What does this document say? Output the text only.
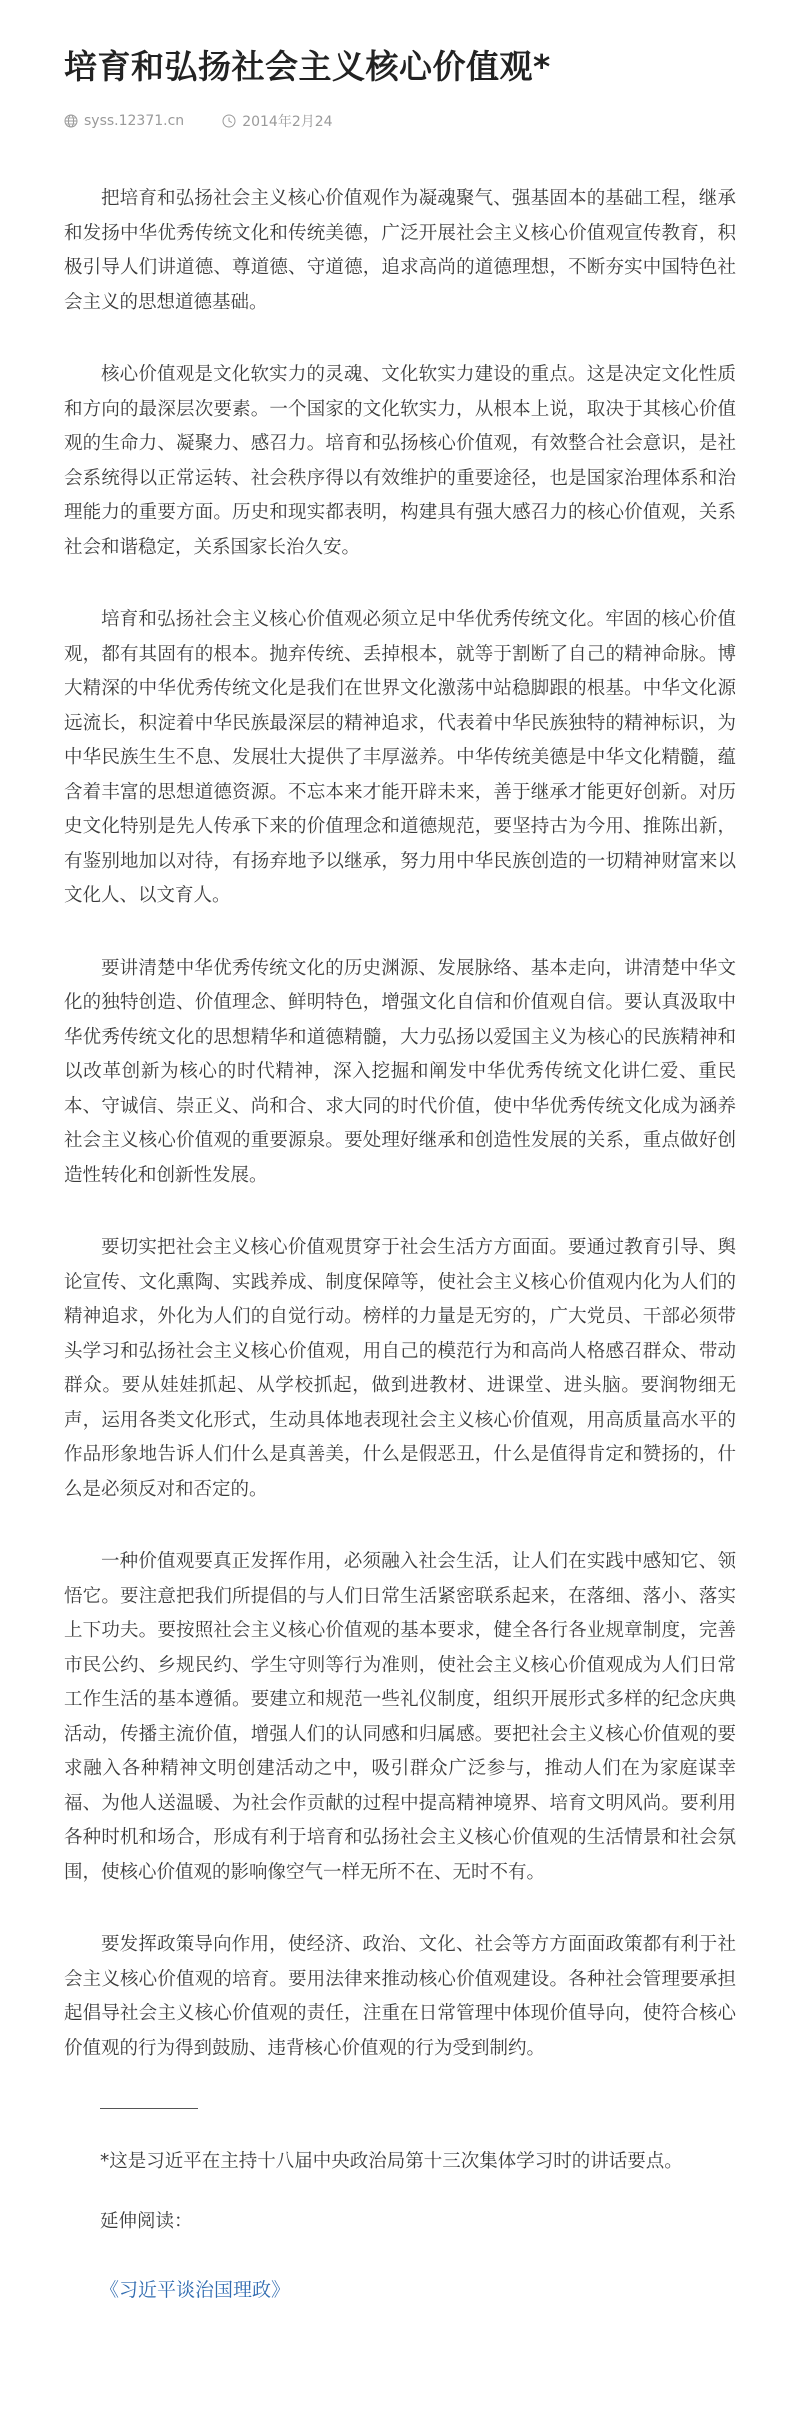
培育和弘扬社会主义核心价值观*
syss.12371.cn	2014年2月24

把培育和弘扬社会主义核心价值观作为凝魂聚气、强基固本的基础工程，继承和发扬中华优秀传统文化和传统美德，广泛开展社会主义核心价值观宣传教育，积极引导人们讲道德、尊道德、守道德，追求高尚的道德理想，不断夯实中国特色社会主义的思想道德基础。

核心价值观是文化软实力的灵魂、文化软实力建设的重点。这是决定文化性质和方向的最深层次要素。一个国家的文化软实力，从根本上说，取决于其核心价值观的生命力、凝聚力、感召力。培育和弘扬核心价值观，有效整合社会意识，是社会系统得以正常运转、社会秩序得以有效维护的重要途径，也是国家治理体系和治理能力的重要方面。历史和现实都表明，构建具有强大感召力的核心价值观，关系社会和谐稳定，关系国家长治久安。

培育和弘扬社会主义核心价值观必须立足中华优秀传统文化。牢固的核心价值观，都有其固有的根本。抛弃传统、丢掉根本，就等于割断了自己的精神命脉。博大精深的中华优秀传统文化是我们在世界文化激荡中站稳脚跟的根基。中华文化源远流长，积淀着中华民族最深层的精神追求，代表着中华民族独特的精神标识，为中华民族生生不息、发展壮大提供了丰厚滋养。中华传统美德是中华文化精髓，蕴含着丰富的思想道德资源。不忘本来才能开辟未来，善于继承才能更好创新。对历史文化特别是先人传承下来的价值理念和道德规范，要坚持古为今用、推陈出新，有鉴别地加以对待，有扬弃地予以继承，努力用中华民族创造的一切精神财富来以文化人、以文育人。

要讲清楚中华优秀传统文化的历史渊源、发展脉络、基本走向，讲清楚中华文化的独特创造、价值理念、鲜明特色，增强文化自信和价值观自信。要认真汲取中华优秀传统文化的思想精华和道德精髓，大力弘扬以爱国主义为核心的民族精神和以改革创新为核心的时代精神，深入挖掘和阐发中华优秀传统文化讲仁爱、重民本、守诚信、崇正义、尚和合、求大同的时代价值，使中华优秀传统文化成为涵养社会主义核心价值观的重要源泉。要处理好继承和创造性发展的关系，重点做好创造性转化和创新性发展。

要切实把社会主义核心价值观贯穿于社会生活方方面面。要通过教育引导、舆论宣传、文化熏陶、实践养成、制度保障等，使社会主义核心价值观内化为人们的精神追求，外化为人们的自觉行动。榜样的力量是无穷的，广大党员、干部必须带头学习和弘扬社会主义核心价值观，用自己的模范行为和高尚人格感召群众、带动群众。要从娃娃抓起、从学校抓起，做到进教材、进课堂、进头脑。要润物细无声，运用各类文化形式，生动具体地表现社会主义核心价值观，用高质量高水平的作品形象地告诉人们什么是真善美，什么是假恶丑，什么是值得肯定和赞扬的，什么是必须反对和否定的。

一种价值观要真正发挥作用，必须融入社会生活，让人们在实践中感知它、领悟它。要注意把我们所提倡的与人们日常生活紧密联系起来，在落细、落小、落实上下功夫。要按照社会主义核心价值观的基本要求，健全各行各业规章制度，完善市民公约、乡规民约、学生守则等行为准则，使社会主义核心价值观成为人们日常工作生活的基本遵循。要建立和规范一些礼仪制度，组织开展形式多样的纪念庆典活动，传播主流价值，增强人们的认同感和归属感。要把社会主义核心价值观的要求融入各种精神文明创建活动之中，吸引群众广泛参与，推动人们在为家庭谋幸福、为他人送温暖、为社会作贡献的过程中提高精神境界、培育文明风尚。要利用各种时机和场合，形成有利于培育和弘扬社会主义核心价值观的生活情景和社会氛围，使核心价值观的影响像空气一样无所不在、无时不有。

要发挥政策导向作用，使经济、政治、文化、社会等方方面面政策都有利于社会主义核心价值观的培育。要用法律来推动核心价值观建设。各种社会管理要承担起倡导社会主义核心价值观的责任，注重在日常管理中体现价值导向，使符合核心价值观的行为得到鼓励、违背核心价值观的行为受到制约。

*这是习近平在主持十八届中央政治局第十三次集体学习时的讲话要点。
延伸阅读：
《习近平谈治国理政》
